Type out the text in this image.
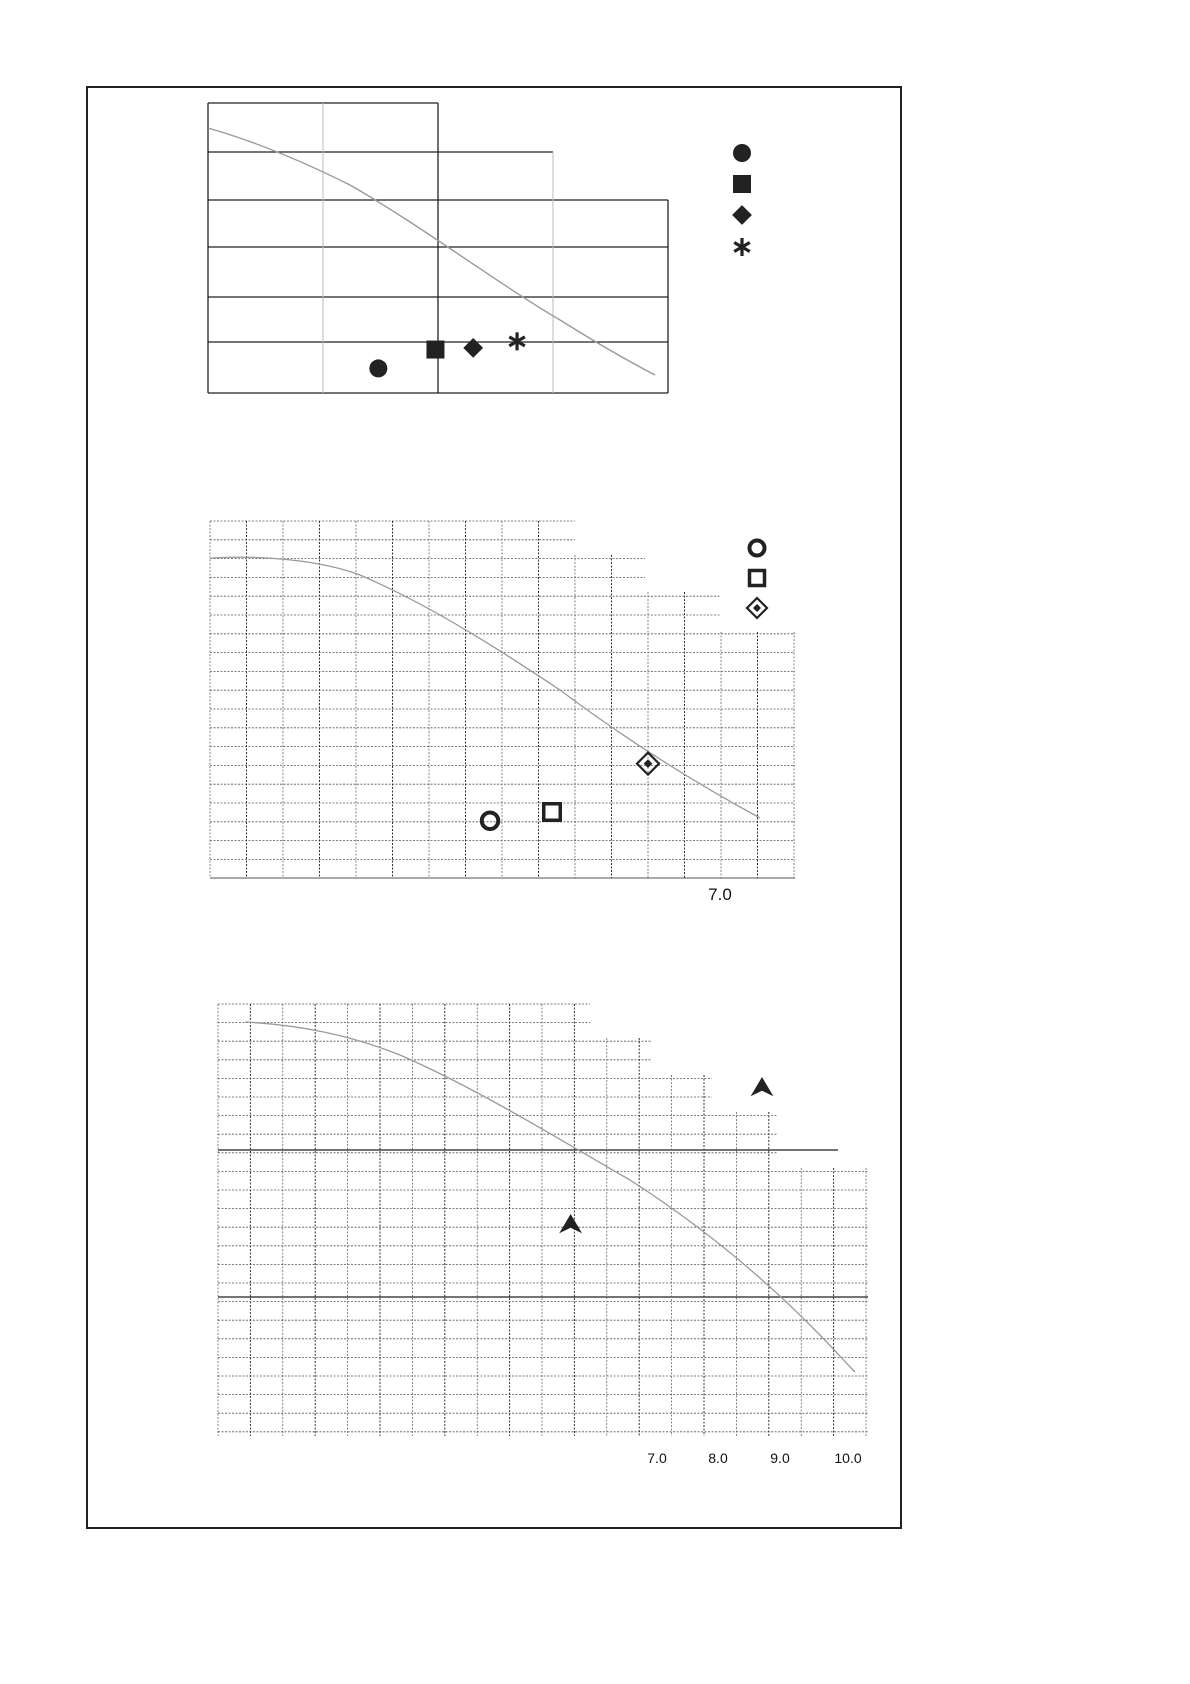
7.0
7.0	8.0	9.0	10.0
